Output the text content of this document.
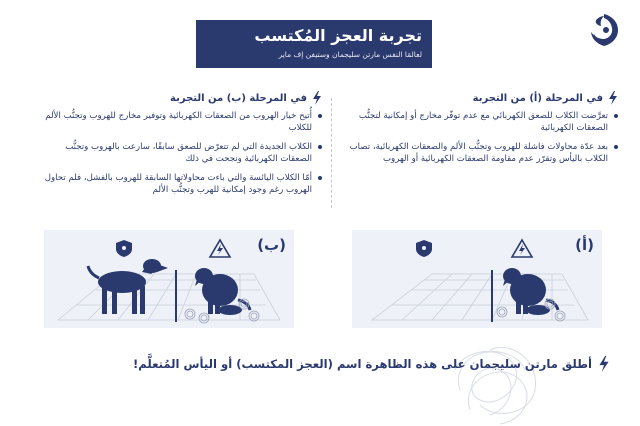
تجربة العجز المُكتسب
لعالمَا النفس مارتن سليجمان وستيفن إف ماير
في المرحلة (أ) من التجربة
تعرَّضت الكلاب للصعق الكهربائي مع عدم توفّر مخارج أو إمكانية لتجنُّب الصعقات الكهربائية
بعد عدّة محاولات فاشلة للهروب وتجنُّب الألم والصعقات الكهربائية، تصاب الكلاب باليأس وتقرّر عدم مقاومة الصعقات الكهربائية أو الهروب
في المرحلة (ب) من التجربة
أُتيح خيار الهروب من الصعقات الكهربائية وتوفير مخارج للهروب وتجنُّب الألم للكلاب
الكلاب الجديدة التي لم تتعرّض للصعق سابقًا، سارعت بالهروب وتجنُّب الصعقات الكهربائية ونجحت في ذلك
أمّا الكلاب اليائسة والتي باءت محاولاتها السابقة للهروب بالفشل، فلم تحاول الهروب رغم وجود إمكانية للهرب وتجنُّب الألم
(أ)
(ب)
أطلق مارتن سليجمان على هذه الظاهرة اسم (العجز المكتسب) أو اليأس المُتعلَّم!
